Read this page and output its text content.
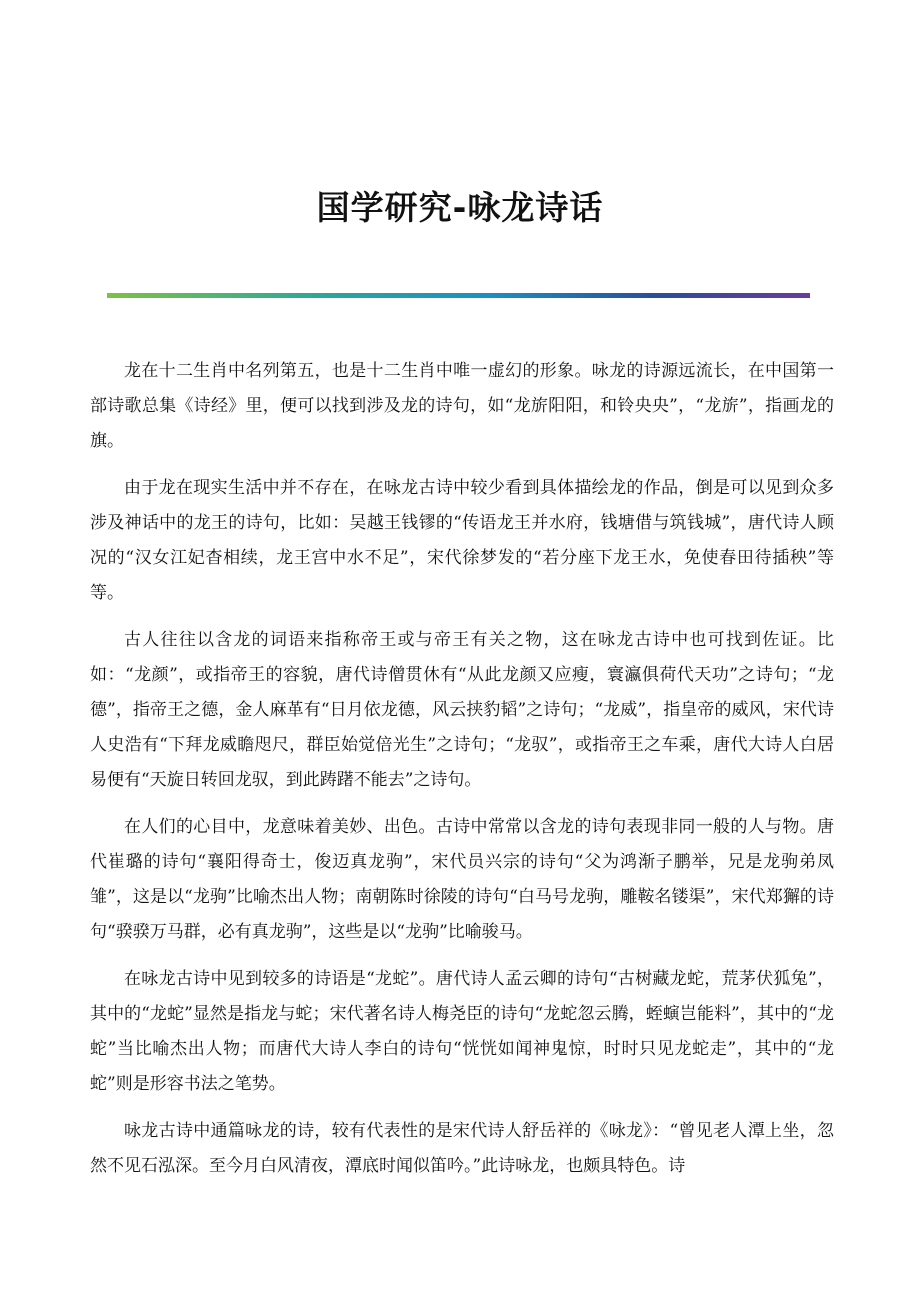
国学研究-咏龙诗话

龙在十二生肖中名列第五，也是十二生肖中唯一虚幻的形象。咏龙的诗源远流长，在中国第一部诗歌总集《诗经》里，便可以找到涉及龙的诗句，如“龙旂阳阳，和铃央央”，“龙旂”，指画龙的旗。

由于龙在现实生活中并不存在，在咏龙古诗中较少看到具体描绘龙的作品，倒是可以见到众多涉及神话中的龙王的诗句，比如：吴越王钱镠的“传语龙王并水府，钱塘借与筑钱城”，唐代诗人顾况的“汉女江妃杳相续，龙王宫中水不足”，宋代徐梦发的“若分座下龙王水，免使春田待插秧”等等。

古人往往以含龙的词语来指称帝王或与帝王有关之物，这在咏龙古诗中也可找到佐证。比如：“龙颜”，或指帝王的容貌，唐代诗僧贯休有“从此龙颜又应瘦，寰瀛俱荷代天功”之诗句；“龙德”，指帝王之德，金人麻革有“日月依龙德，风云挟豹韬”之诗句；“龙威”，指皇帝的威风，宋代诗人史浩有“下拜龙威瞻咫尺，群臣始觉倍光生”之诗句；“龙驭”，或指帝王之车乘，唐代大诗人白居易便有“天旋日转回龙驭，到此踌躇不能去”之诗句。

在人们的心目中，龙意味着美妙、出色。古诗中常常以含龙的诗句表现非同一般的人与物。唐代崔璐的诗句“襄阳得奇士，俊迈真龙驹”，宋代员兴宗的诗句“父为鸿渐子鹏举，兄是龙驹弟凤雏”，这是以“龙驹”比喻杰出人物；南朝陈时徐陵的诗句“白马号龙驹，雕鞍名镂渠”，宋代郑獬的诗句“骙骙万马群，必有真龙驹”，这些是以“龙驹”比喻骏马。

在咏龙古诗中见到较多的诗语是“龙蛇”。唐代诗人孟云卿的诗句“古树藏龙蛇，荒茅伏狐兔”，其中的“龙蛇”显然是指龙与蛇；宋代著名诗人梅尧臣的诗句“龙蛇忽云腾，蛭螾岂能料”，其中的“龙蛇”当比喻杰出人物；而唐代大诗人李白的诗句“恍恍如闻神鬼惊，时时只见龙蛇走”，其中的“龙蛇”则是形容书法之笔势。

咏龙古诗中通篇咏龙的诗，较有代表性的是宋代诗人舒岳祥的《咏龙》：“曾见老人潭上坐，忽然不见石泓深。至今月白风清夜，潭底时闻似笛吟。”此诗咏龙，也颇具特色。诗
